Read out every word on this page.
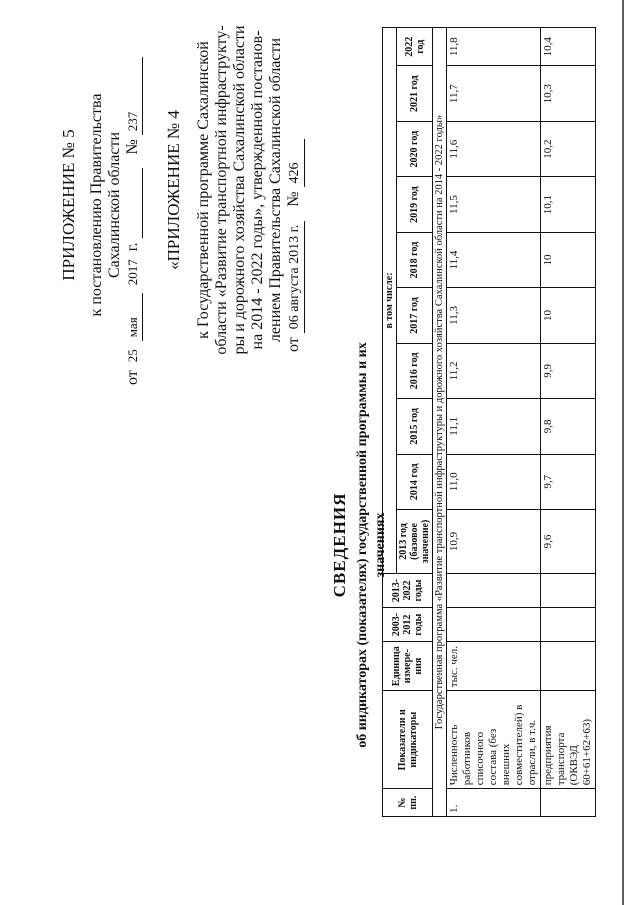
ПРИЛОЖЕНИЕ № 5 к постановлению Правительства Сахалинской области
от 25 мая 2017 г.   № 237 «ПРИЛОЖЕНИЕ № 4 к Государственной программе Сахалинской области «Развитие транспортной инфраструкту- ры и дорожного хозяйства Сахалинской области на 2014 - 2022 годы», утвержденной постанов- лением Правительства Сахалинской области
от 06 августа 2013 г. № 426
СВЕДЕНИЯ об индикаторах (показателях) государственной программы и их значениях
№ пп.	Показатели и индикаторы	Единица измере-ния	2003-2012 годы	2013-2022 годы	в том числе:									
					2013 год (базовое значение)	2014 год	2015 год	2016 год	2017 год	2018 год	2019 год	2020 год	2021 год	2022 год
Государственная программа «Развитие транспортной инфраструктуры и дорожного хозяйства Сахалинской области на 2014 - 2022 годы»														
1.	Численность работников списочного состава (без внешних совместителей) в отрасли, в т.ч.	тыс. чел.			10,9	11,0	11,1	11,2	11,3	11,4	11,5	11,6	11,7	11,8
	предприятия транспорта (ОКВЭД 60+61+62+63)				9,6	9,7	9,8	9,9	10	10	10,1	10,2	10,3	10,4
